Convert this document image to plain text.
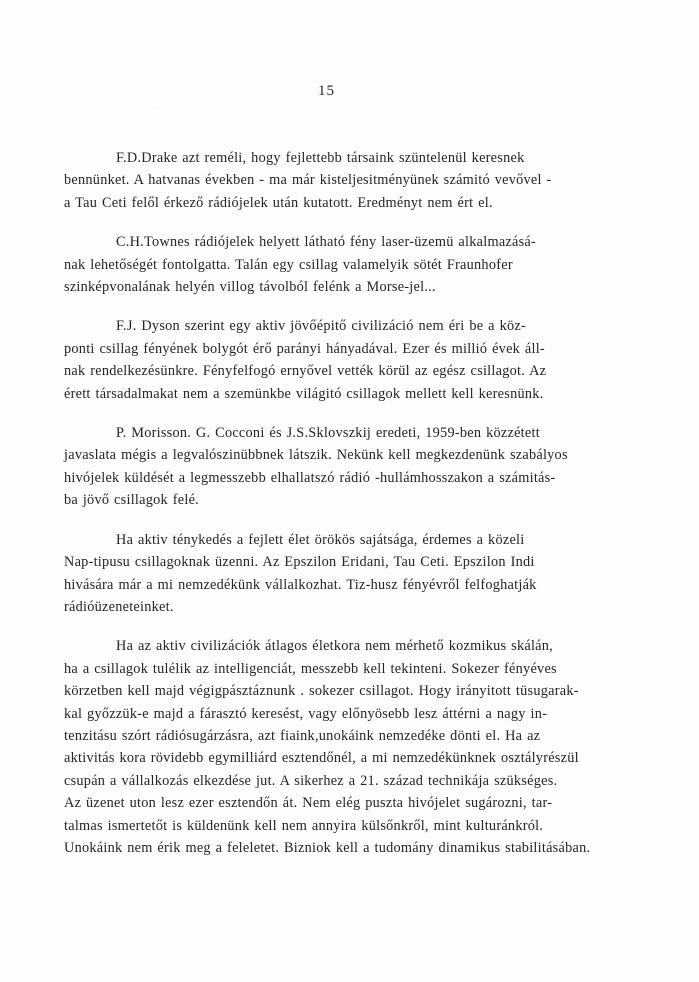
15
F.D.Drake azt reméli, hogy fejlettebb társaink szüntelenül keresnek
bennünket. A hatvanas években - ma már kisteljesitményünek számitó vevővel -
a Tau Ceti felől érkező rádiójelek után kutatott. Eredményt nem ért el.
C.H.Townes rádiójelek helyett látható fény laser-üzemü alkalmazásá-
nak lehetőségét fontolgatta. Talán egy csillag valamelyik sötét Fraunhofer
szinképvonalának helyén villog távolból felénk a Morse-jel...
F.J. Dyson szerint egy aktiv jövőépitő civilizáció nem éri be a köz-
ponti csillag fényének bolygót érő parányi hányadával. Ezer és millió évek áll-
nak rendelkezésünkre. Fényfelfogó ernyővel vették körül az egész csillagot. Az
érett társadalmakat nem a szemünkbe világitó csillagok mellett kell keresnünk.
P. Morisson. G. Cocconi és J.S.Sklovszkij eredeti, 1959-ben közzétett
javaslata mégis a legvalószinübbnek látszik. Nekünk kell megkezdenünk szabályos
hivójelek küldését a legmesszebb elhallatszó rádió -hullámhosszakon a számitás-
ba jövő csillagok felé.
Ha aktiv ténykedés a fejlett élet örökös sajátsága, érdemes a közeli
Nap-tipusu csillagoknak üzenni. Az Epszilon Eridani, Tau Ceti. Epszilon Indi
hivására már a mi nemzedékünk vállalkozhat. Tiz-husz fényévről felfoghatják
rádióüzeneteinket.
Ha az aktiv civilizációk átlagos életkora nem mérhető kozmikus skálán,
ha a csillagok tulélik az intelligenciát, messzebb kell tekinteni. Sokezer fényéves
körzetben kell majd végigpásztáznunk . sokezer csillagot. Hogy irányitott tüsugarak-
kal győzzük-e majd a fárasztó keresést, vagy előnyösebb lesz áttérni a nagy in-
tenzitásu szórt rádiósugárzásra, azt fiaink,unokáink nemzedéke dönti el. Ha az
aktivitás kora rövidebb egymilliárd esztendőnél, a mi nemzedékünknek osztályrészül
csupán a vállalkozás elkezdése jut. A sikerhez a 21. század technikája szükséges.
Az üzenet uton lesz ezer esztendőn át. Nem elég puszta hivójelet sugározni, tar-
talmas ismertetőt is küldenünk kell nem annyira külsőnkről, mint kulturánkról.
Unokáink nem érik meg a feleletet. Bizniok kell a tudomány dinamikus stabilitásában.
